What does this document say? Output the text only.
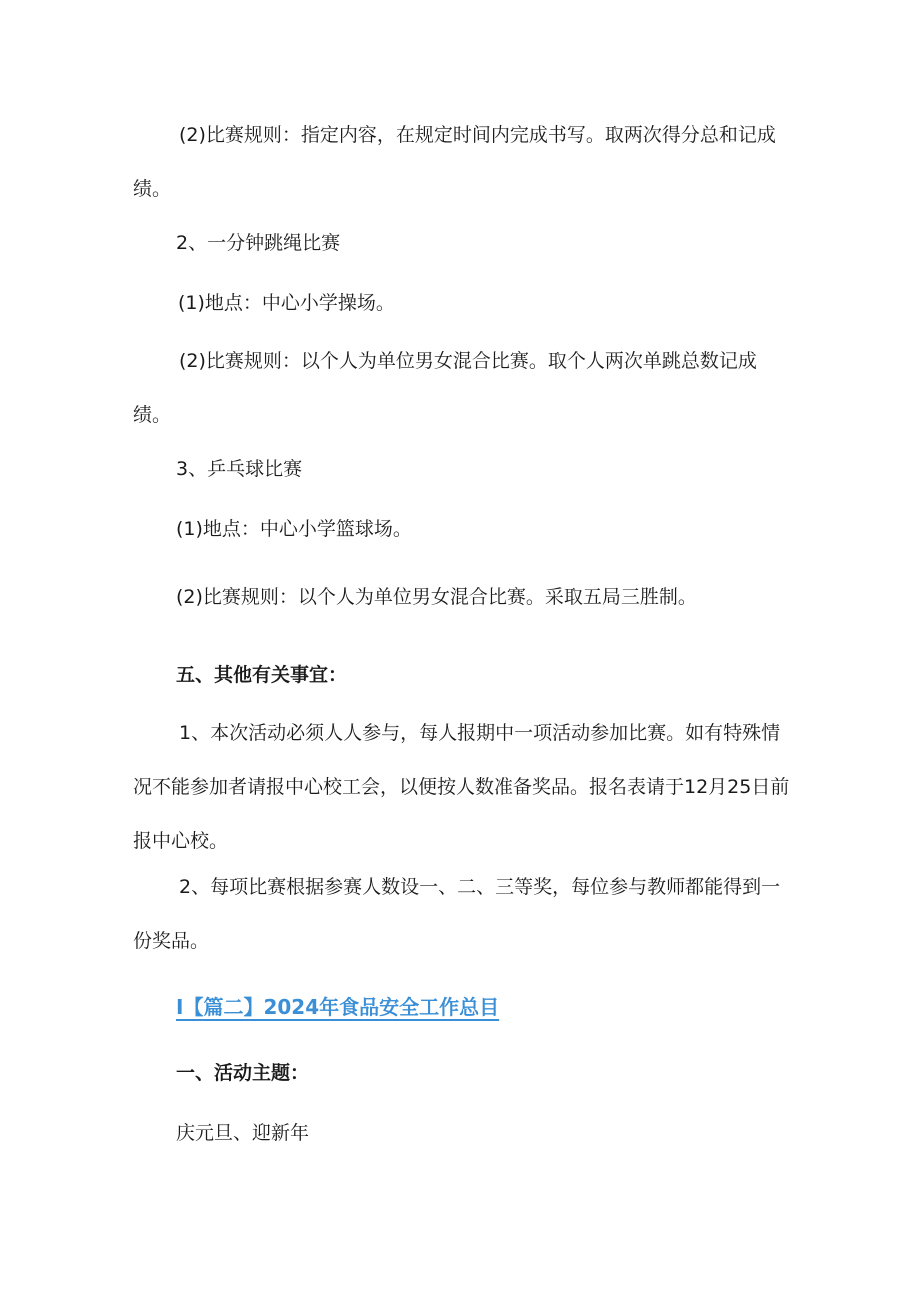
(2)比赛规则：指定内容，在规定时间内完成书写。取两次得分总和记成绩。

2、一分钟跳绳比赛

(1)地点：中心小学操场。

(2)比赛规则：以个人为单位男女混合比赛。取个人两次单跳总数记成绩。

3、乒乓球比赛

(1)地点：中心小学篮球场。

(2)比赛规则：以个人为单位男女混合比赛。采取五局三胜制。

五、其他有关事宜：

1、本次活动必须人人参与，每人报期中一项活动参加比赛。如有特殊情况不能参加者请报中心校工会，以便按人数准备奖品。报名表请于12月25日前报中心校。

2、每项比赛根据参赛人数设一、二、三等奖，每位参与教师都能得到一份奖品。

I【篇二】2024年食品安全工作总目

一、活动主题：

庆元旦、迎新年
